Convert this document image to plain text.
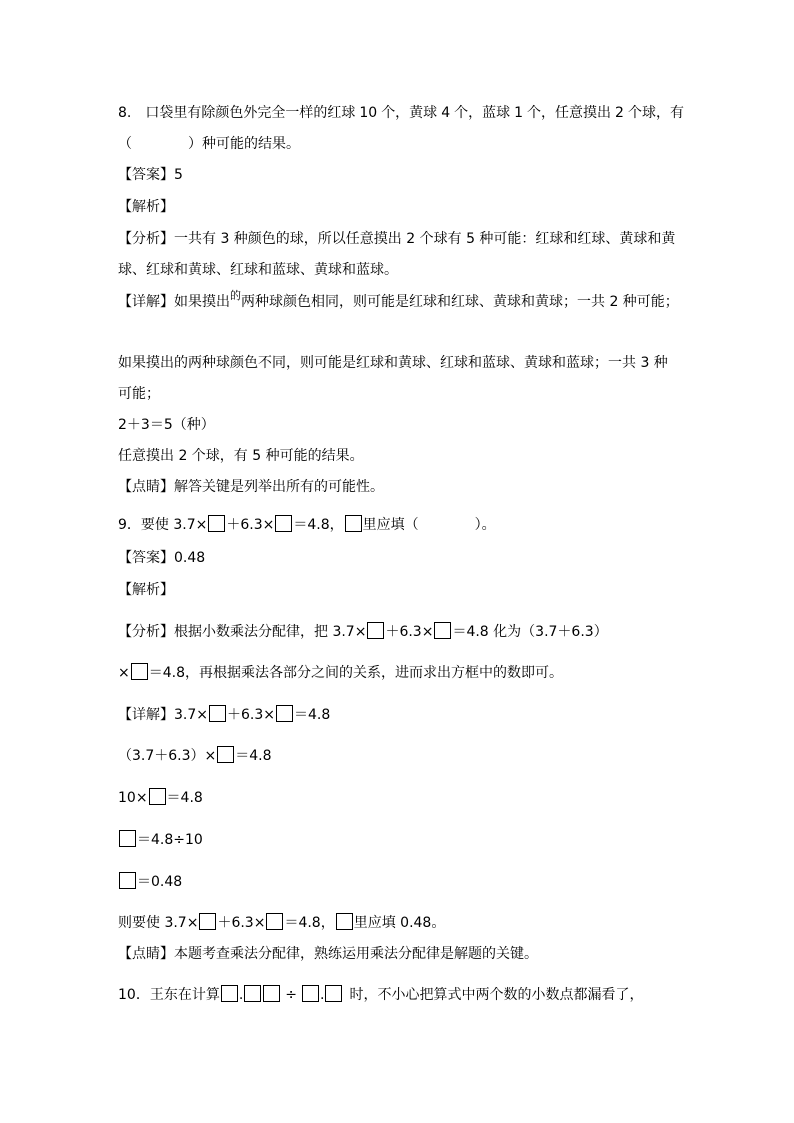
8.　口袋里有除颜色外完全一样的红球 10 个，黄球 4 个，蓝球 1 个，任意摸出 2 个球，有
（	）种可能的结果。
【答案】5
【解析】
【分析】一共有 3 种颜色的球，所以任意摸出 2 个球有 5 种可能：红球和红球、黄球和黄
球、红球和黄球、红球和蓝球、黄球和蓝球。
【详解】如果摸出的两种球颜色相同，则可能是红球和红球、黄球和黄球；一共 2 种可能；
如果摸出的两种球颜色不同，则可能是红球和黄球、红球和蓝球、黄球和蓝球；一共 3 种
可能；
2＋3＝5（种）
任意摸出 2 个球，有 5 种可能的结果。
【点睛】解答关键是列举出所有的可能性。
9．要使 3.7× ＋6.3× ＝4.8， 里应填（	）。
【答案】0.48
【解析】
【分析】根据小数乘法分配律，把 3.7× ＋6.3× ＝4.8 化为（3.7＋6.3）
× ＝4.8，再根据乘法各部分之间的关系，进而求出方框中的数即可。
【详解】3.7× ＋6.3× ＝4.8
（3.7＋6.3）× ＝4.8
10× ＝4.8
＝4.8÷10
＝0.48
则要使 3.7× ＋6.3× ＝4.8， 里应填 0.48。
【点睛】本题考查乘法分配律，熟练运用乘法分配律是解题的关键。
10．王东在计算 .	÷ . 时，不小心把算式中两个数的小数点都漏看了，
